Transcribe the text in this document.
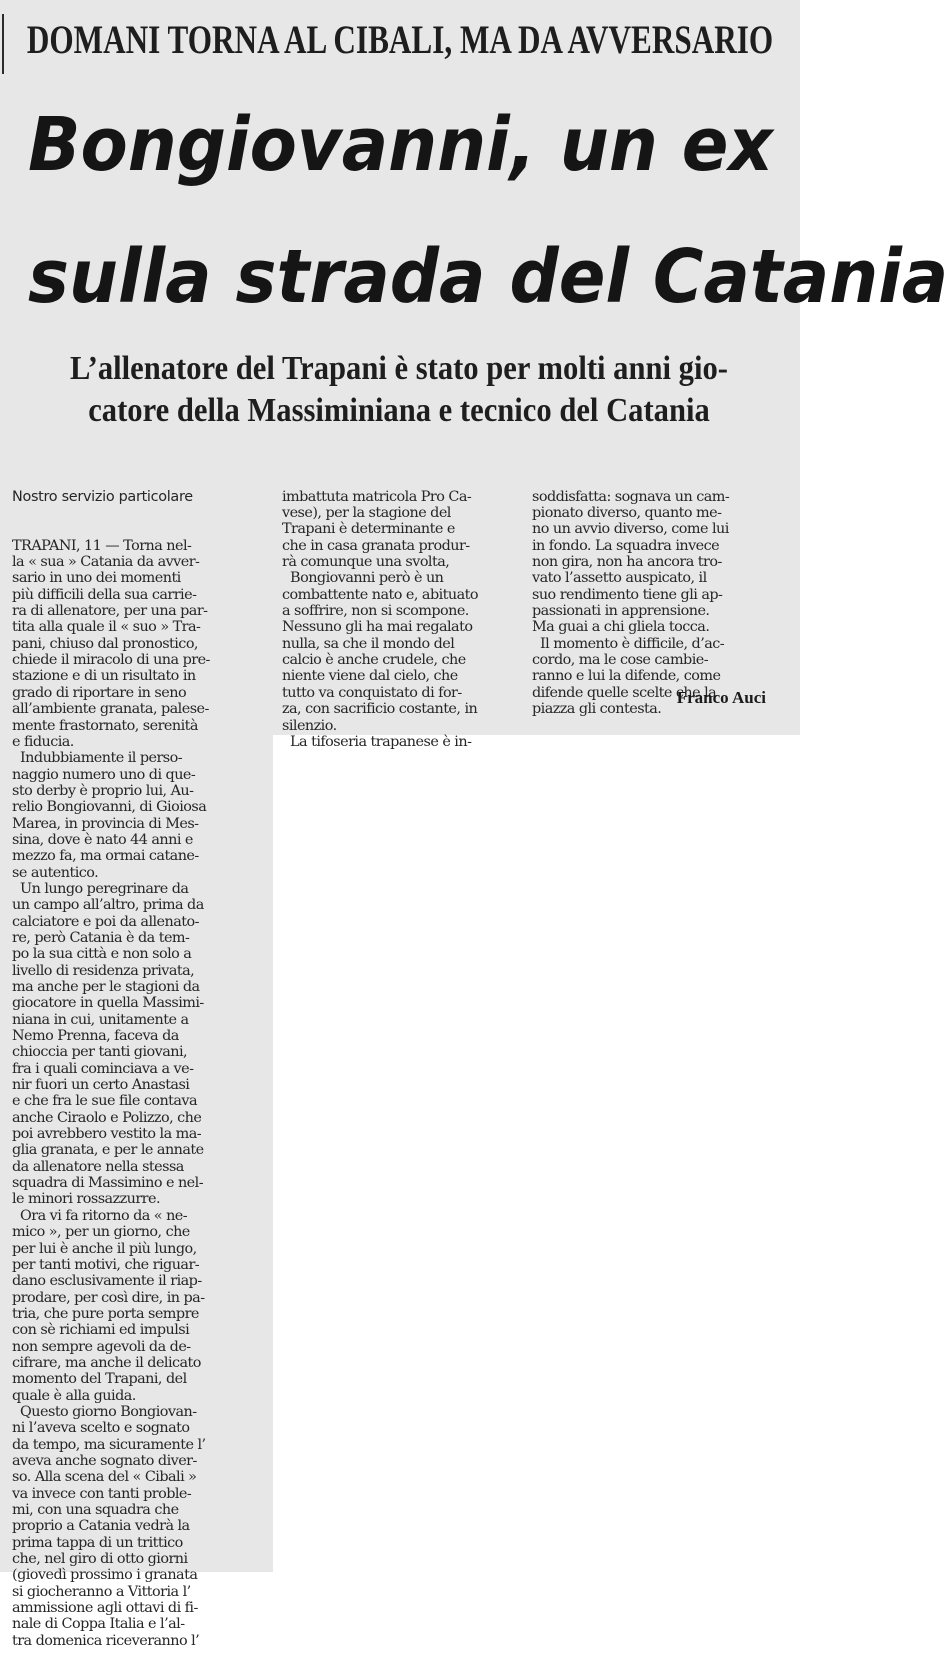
DOMANI TORNA AL CIBALI, MA DA AVVERSARIO
Bongiovanni, un ex
sulla strada del Catania
L’allenatore del Trapani è stato per molti anni gio-
catore della Massiminiana e tecnico del Catania

Nostro servizio particolare

TRAPANI, 11 — Torna nel-
la « sua » Catania da avver-
sario in uno dei momenti
più difficili della sua carrie-
ra di allenatore, per una par-
tita alla quale il « suo » Tra-
pani, chiuso dal pronostico,
chiede il miracolo di una pre-
stazione e di un risultato in
grado di riportare in seno
all’ambiente granata, palese-
mente frastornato, serenità
e fiducia.
Indubbiamente il perso-
naggio numero uno di que-
sto derby è proprio lui, Au-
relio Bongiovanni, di Gioiosa
Marea, in provincia di Mes-
sina, dove è nato 44 anni e
mezzo fa, ma ormai catane-
se autentico.
Un lungo peregrinare da
un campo all’altro, prima da
calciatore e poi da allenato-
re, però Catania è da tem-
po la sua città e non solo a
livello di residenza privata,
ma anche per le stagioni da
giocatore in quella Massimi-
niana in cui, unitamente a
Nemo Prenna, faceva da
chioccia per tanti giovani,
fra i quali cominciava a ve-
nir fuori un certo Anastasi
e che fra le sue file contava
anche Ciraolo e Polizzo, che
poi avrebbero vestito la ma-
glia granata, e per le annate
da allenatore nella stessa
squadra di Massimino e nel-
le minori rossazzurre.
Ora vi fa ritorno da « ne-
mico », per un giorno, che
per lui è anche il più lungo,
per tanti motivi, che riguar-
dano esclusivamente il riap-
prodare, per così dire, in pa-
tria, che pure porta sempre
con sè richiami ed impulsi
non sempre agevoli da de-
cifrare, ma anche il delicato
momento del Trapani, del
quale è alla guida.
Questo giorno Bongiovan-
ni l’aveva scelto e sognato
da tempo, ma sicuramente l’
aveva anche sognato diver-
so. Alla scena del « Cibali »
va invece con tanti proble-
mi, con una squadra che
proprio a Catania vedrà la
prima tappa di un trittico
che, nel giro di otto giorni
(giovedì prossimo i granata
si giocheranno a Vittoria l’
ammissione agli ottavi di fi-
nale di Coppa Italia e l’al-
tra domenica riceveranno l’

imbattuta matricola Pro Ca-
vese), per la stagione del
Trapani è determinante e
che in casa granata produr-
rà comunque una svolta,
Bongiovanni però è un
combattente nato e, abituato
a soffrire, non si scompone.
Nessuno gli ha mai regalato
nulla, sa che il mondo del
calcio è anche crudele, che
niente viene dal cielo, che
tutto va conquistato di for-
za, con sacrificio costante, in
silenzio.
La tifoseria trapanese è in-

soddisfatta: sognava un cam-
pionato diverso, quanto me-
no un avvio diverso, come lui
in fondo. La squadra invece
non gira, non ha ancora tro-
vato l’assetto auspicato, il
suo rendimento tiene gli ap-
passionati in apprensione.
Ma guai a chi gliela tocca.
Il momento è difficile, d’ac-
cordo, ma le cose cambie-
ranno e lui la difende, come
difende quelle scelte che la
piazza gli contesta.

Franco Auci
